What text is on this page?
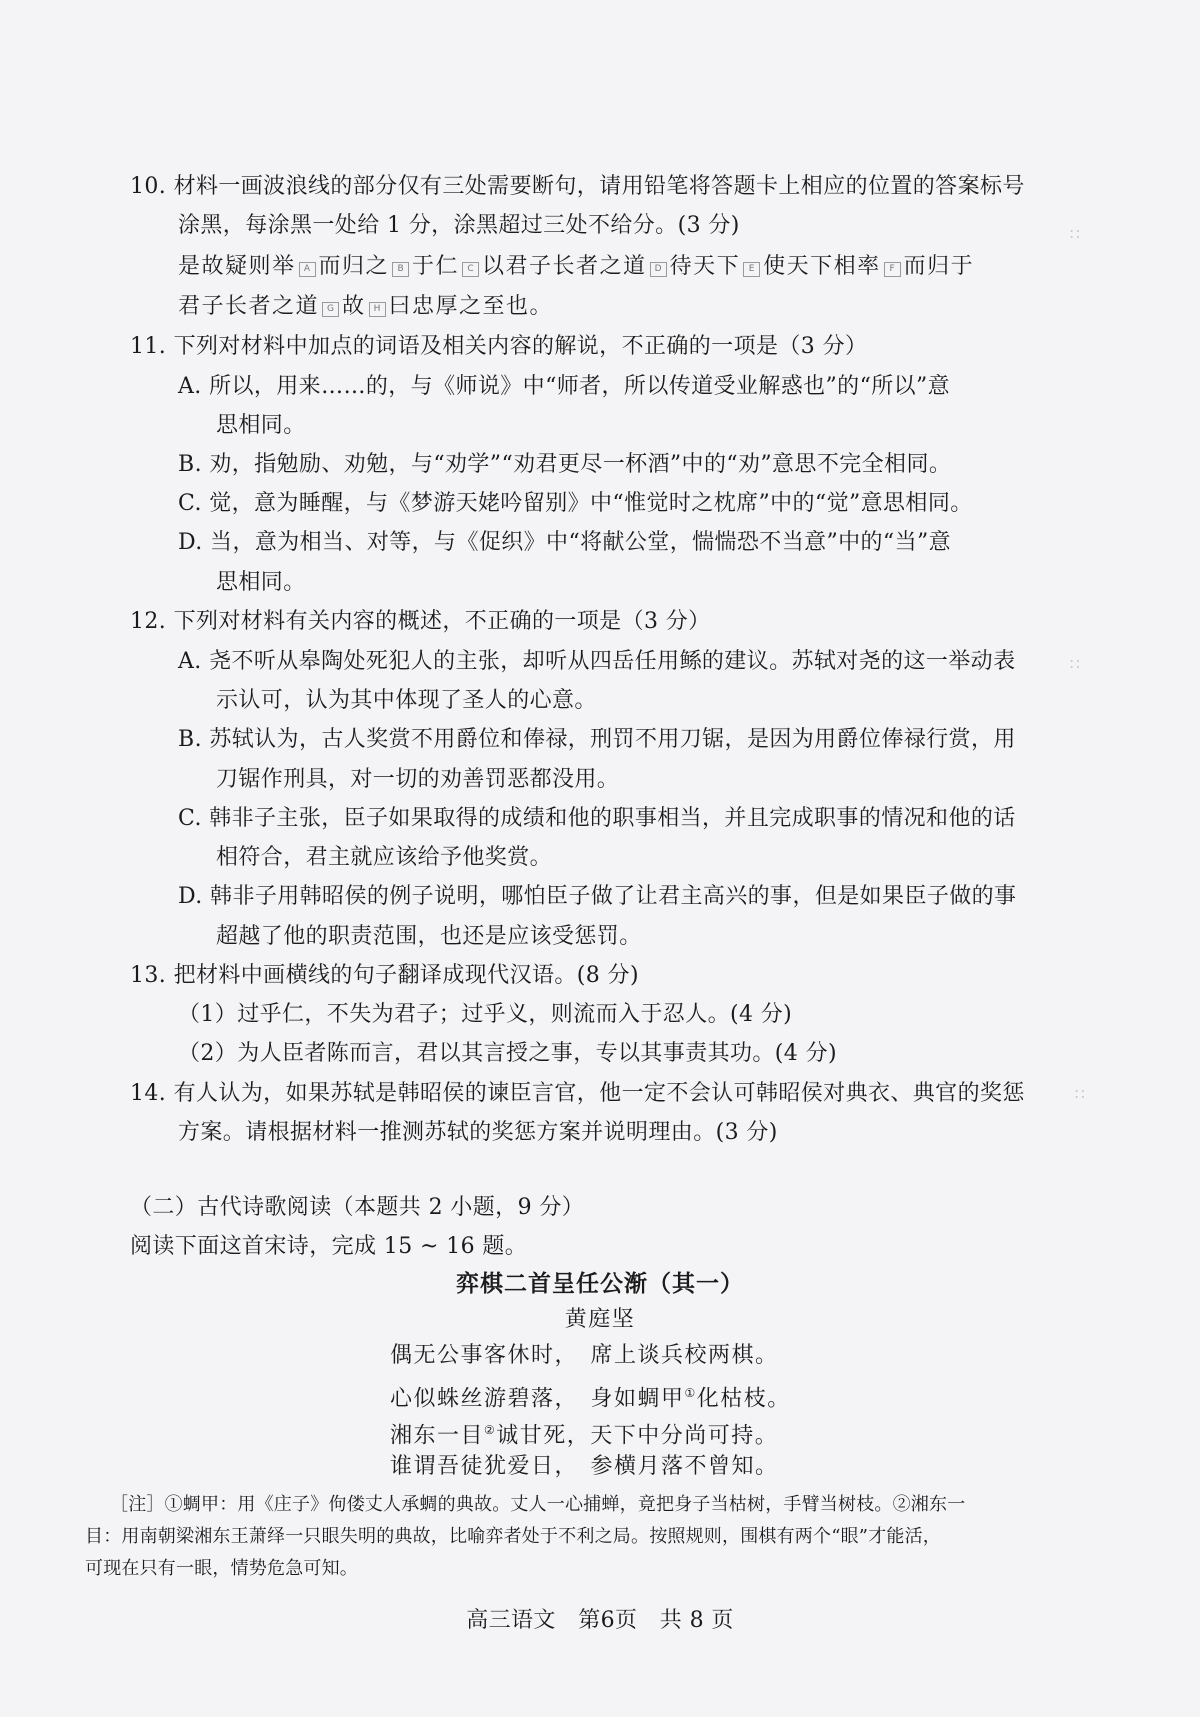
∷
∷
∷
10. 材料一画波浪线的部分仅有三处需要断句，请用铅笔将答题卡上相应的位置的答案标号
涂黑，每涂黑一处给 1 分，涂黑超过三处不给分。(3 分)
是故疑则举 A 而归之 B 于仁 C 以君子长者之道 D 待天下 E 使天下相率 F 而归于
君子长者之道 G 故 H 曰忠厚之至也。
11. 下列对材料中加点的词语及相关内容的解说，不正确的一项是（3 分）
A. 所以，用来……的，与《师说》中“师者，所以传道受业解惑也”的“所以”意
思相同。
B. 劝，指勉励、劝勉，与“劝学”“劝君更尽一杯酒”中的“劝”意思不完全相同。
C. 觉，意为睡醒，与《梦游天姥吟留别》中“惟觉时之枕席”中的“觉”意思相同。
D. 当，意为相当、对等，与《促织》中“将献公堂，惴惴恐不当意”中的“当”意
思相同。
12. 下列对材料有关内容的概述，不正确的一项是（3 分）
A. 尧不听从皋陶处死犯人的主张，却听从四岳任用鲧的建议。苏轼对尧的这一举动表
示认可，认为其中体现了圣人的心意。
B. 苏轼认为，古人奖赏不用爵位和俸禄，刑罚不用刀锯，是因为用爵位俸禄行赏，用
刀锯作刑具，对一切的劝善罚恶都没用。
C. 韩非子主张，臣子如果取得的成绩和他的职事相当，并且完成职事的情况和他的话
相符合，君主就应该给予他奖赏。
D. 韩非子用韩昭侯的例子说明，哪怕臣子做了让君主高兴的事，但是如果臣子做的事
超越了他的职责范围，也还是应该受惩罚。
13. 把材料中画横线的句子翻译成现代汉语。(8 分)
（1）过乎仁，不失为君子；过乎义，则流而入于忍人。(4 分)
（2）为人臣者陈而言，君以其言授之事，专以其事责其功。(4 分)
14. 有人认为，如果苏轼是韩昭侯的谏臣言官，他一定不会认可韩昭侯对典衣、典官的奖惩
方案。请根据材料一推测苏轼的奖惩方案并说明理由。(3 分)
（二）古代诗歌阅读（本题共 2 小题，9 分）
阅读下面这首宋诗，完成 15 ~ 16 题。
弈棋二首呈任公渐（其一）
黄庭坚
偶无公事客休时，　席上谈兵校两棋。
心似蛛丝游碧落，　身如蜩甲①化枯枝。
湘东一目②诚甘死，天下中分尚可持。
谁谓吾徒犹爱日，　参横月落不曾知。
［注］①蜩甲：用《庄子》佝偻丈人承蜩的典故。丈人一心捕蝉，竟把身子当枯树，手臂当树枝。②湘东一
目：用南朝梁湘东王萧绎一只眼失明的典故，比喻弈者处于不利之局。按照规则，围棋有两个“眼”才能活，
可现在只有一眼，情势危急可知。
高三语文　第6页　共 8 页
